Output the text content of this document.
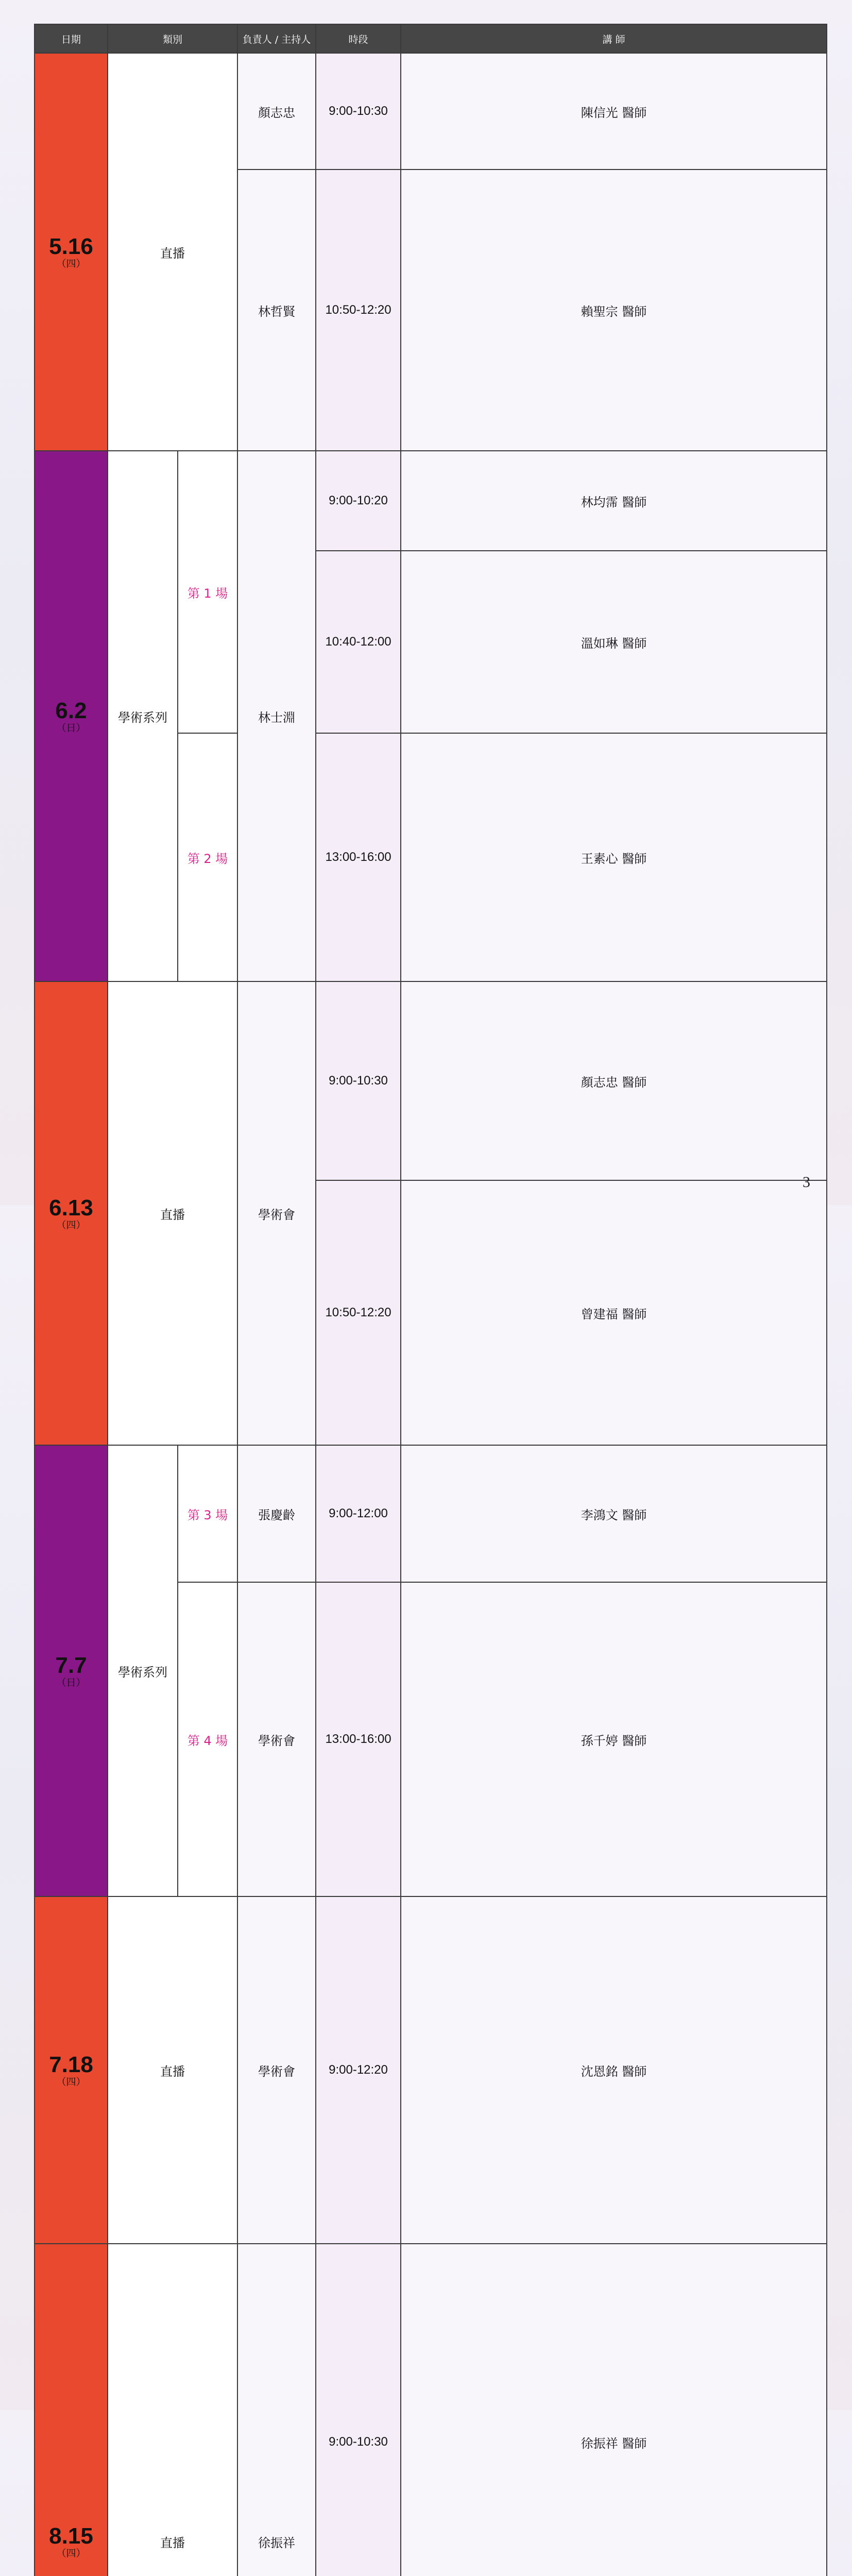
日期	類別		負責人 / 主持人	時段	講 師	

5.16
（四）	直播		顏志忠	9:00-10:30	陳信光 醫師	
			林哲賢	10:50-12:20	賴聖宗 醫師	

6.2
（日）	學術系列	第 1 場	林士淵	9:00-10:20	林均霈 醫師	
				10:40-12:00	溫如琳 醫師	
		第 2 場		13:00-16:00	王素心 醫師	

6.13
（四）	直播		學術會	9:00-10:30	顏志忠 醫師	
				10:50-12:20	曾建福 醫師	

7.7
（日）	學術系列	第 3 場	張慶齡	9:00-12:00	李鴻文 醫師	
		第 4 場	學術會	13:00-16:00	孫千婷 醫師	

7.18
（四）	直播		學術會	9:00-12:20	沈恩銘 醫師	

8.15
（四）	直播		徐振祥	9:00-10:30	徐振祥 醫師	

3
